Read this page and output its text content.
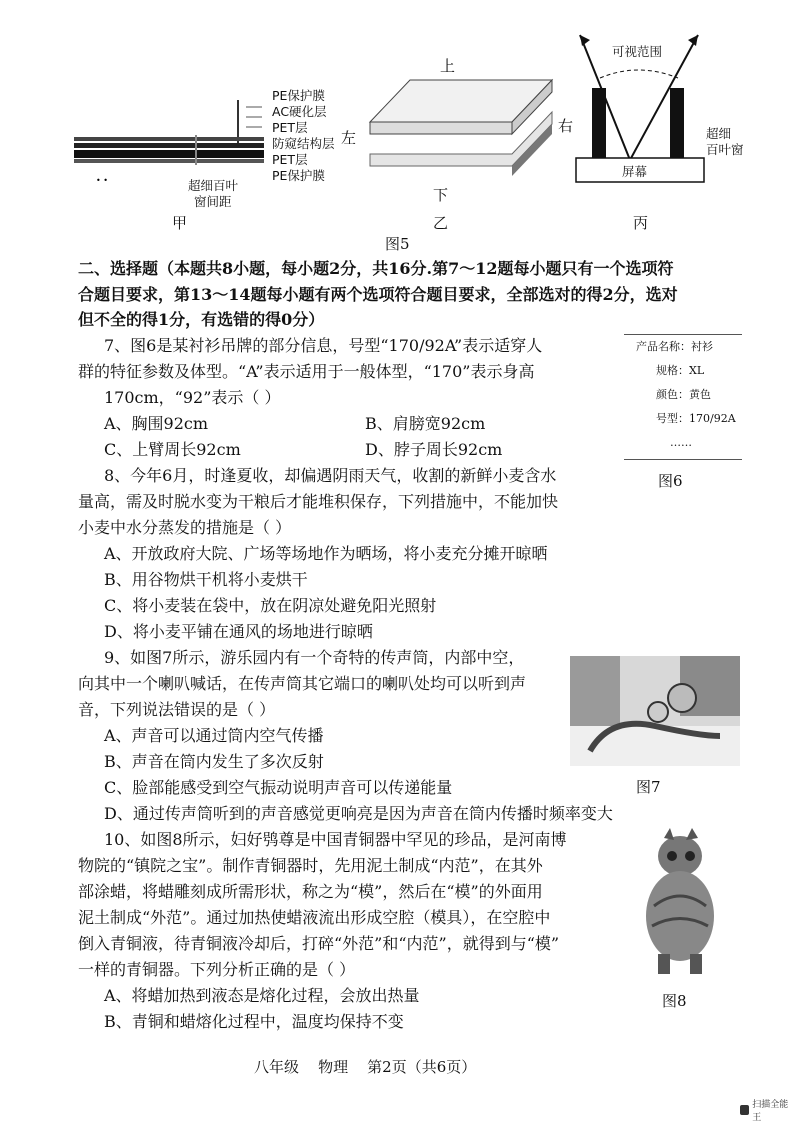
• •
PE保护膜
AC硬化层
PET层
防窥结构层
PET层
PE保护膜
超细百叶
窗间距
甲
上
左
右
下
乙
可视范围
超细
百叶窗
屏幕
丙
图5
二、选择题（本题共8小题，每小题2分，共16分.第7～12题每小题只有一个选项符
合题目要求，第13～14题每小题有两个选项符合题目要求，全部选对的得2分，选对
但不全的得1分，有选错的得0分）
7、图6是某衬衫吊牌的部分信息，号型“170/92A”表示适穿人
群的特征参数及体型。“A”表示适用于一般体型，“170”表示身高
170cm，“92”表示（ ）
A、胸围92cm	B、肩膀宽92cm
C、上臂周长92cm	D、脖子周长92cm
产品名称：衬衫
规格：XL
颜色：黄色
号型：170/92A
……
图6
8、今年6月，时逢夏收，却偏遇阴雨天气，收割的新鲜小麦含水
量高，需及时脱水变为干粮后才能堆积保存，下列措施中，不能加快
小麦中水分蒸发的措施是（ ）
A、开放政府大院、广场等场地作为晒场，将小麦充分摊开晾晒
B、用谷物烘干机将小麦烘干
C、将小麦装在袋中，放在阴凉处避免阳光照射
D、将小麦平铺在通风的场地进行晾晒
9、如图7所示，游乐园内有一个奇特的传声筒，内部中空，
向其中一个喇叭喊话，在传声筒其它端口的喇叭处均可以听到声
音，下列说法错误的是（ ）
A、声音可以通过筒内空气传播
B、声音在筒内发生了多次反射
C、脸部能感受到空气振动说明声音可以传递能量
D、通过传声筒听到的声音感觉更响亮是因为声音在筒内传播时频率变大
图7
10、如图8所示，妇好鸮尊是中国青铜器中罕见的珍品，是河南博
物院的“镇院之宝”。制作青铜器时，先用泥土制成“内范”，在其外
部涂蜡，将蜡雕刻成所需形状，称之为“模”，然后在“模”的外面用
泥土制成“外范”。通过加热使蜡液流出形成空腔（模具），在空腔中
倒入青铜液，待青铜液冷却后，打碎“外范”和“内范”，就得到与“模”
一样的青铜器。下列分析正确的是（ ）
A、将蜡加热到液态是熔化过程，会放出热量
B、青铜和蜡熔化过程中，温度均保持不变
图8
八年级    物理    第2页（共6页）
扫描全能王
